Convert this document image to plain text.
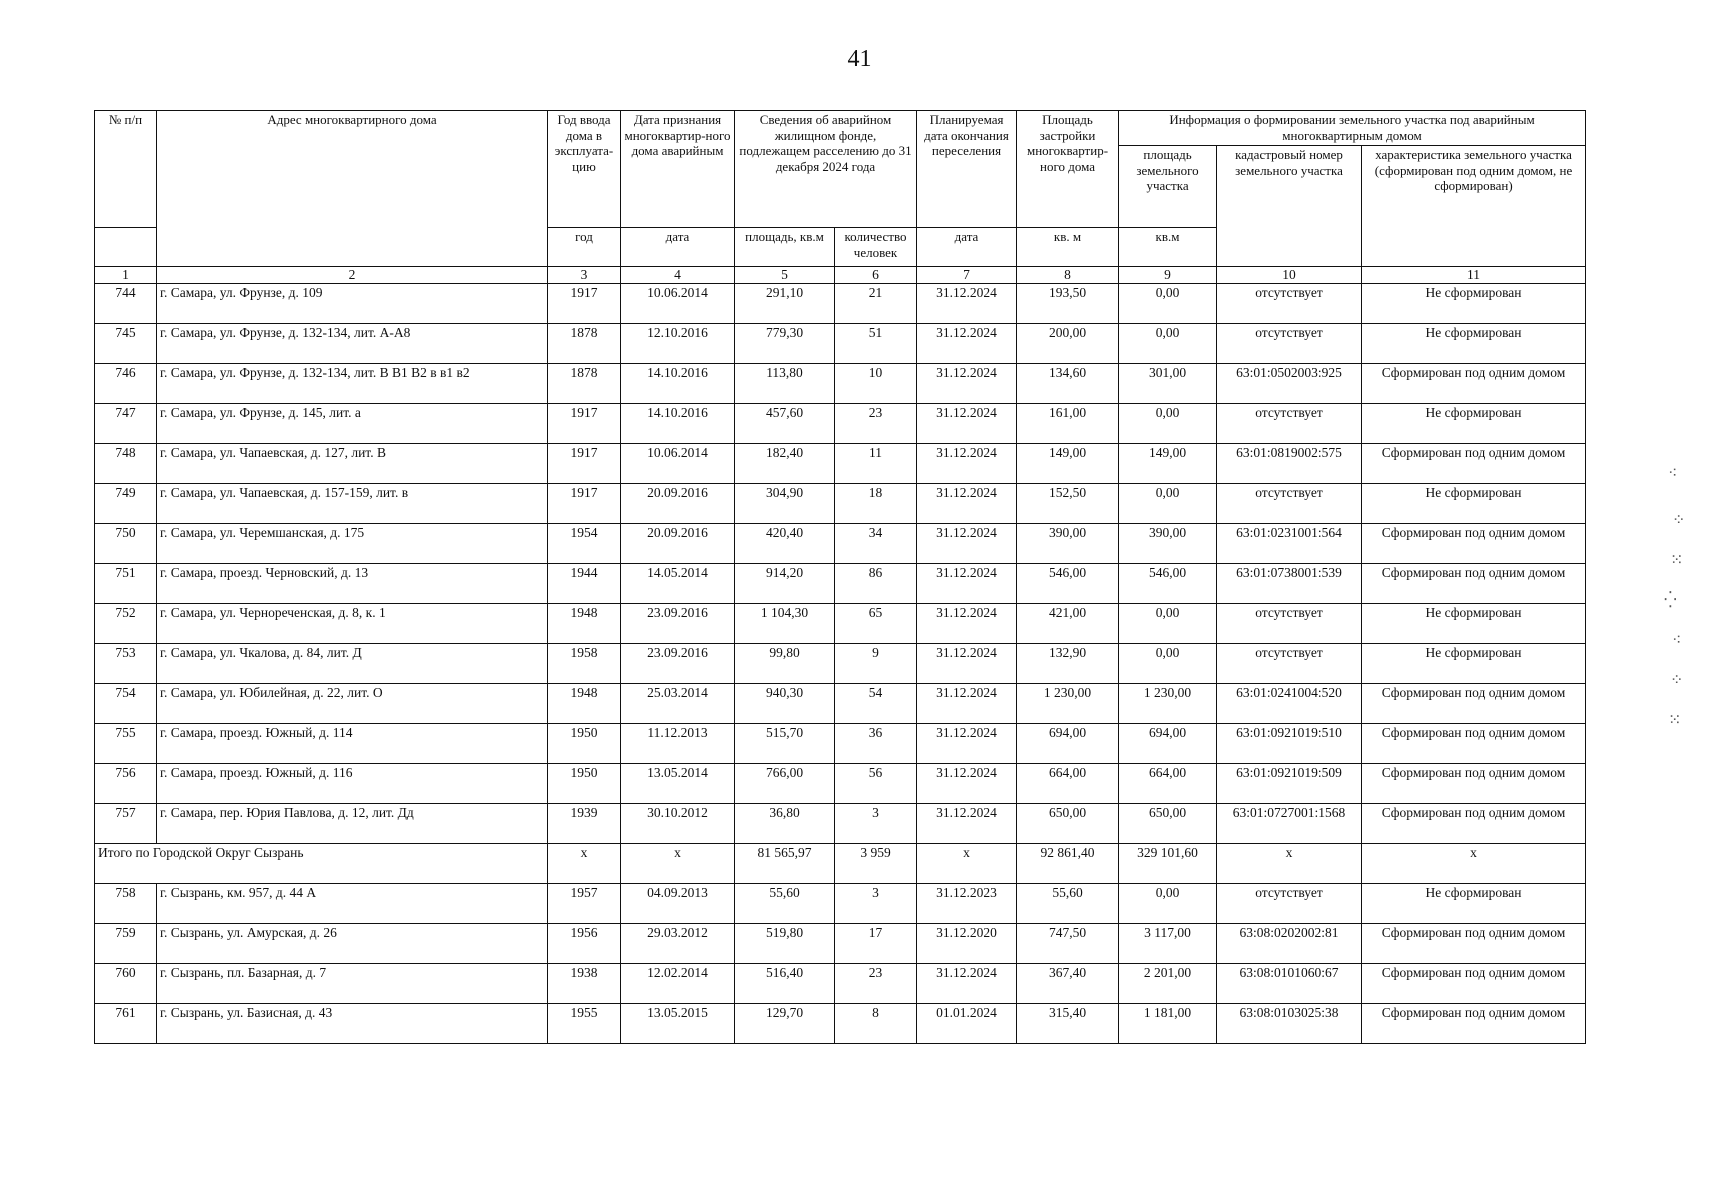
41
№ п/п	Адрес многоквартирного дома	Год ввода дома в эксплуата-цию	Дата признания многоквартир-ного дома аварийным	Сведения об аварийном жилищном фонде, подлежащем расселению до 31 декабря 2024 года		Планируемая дата окончания переселения	Площадь застройки многоквартир-ного дома	Информация о формировании земельного участка под аварийным многоквартирным домом		
								площадь земельного участка	кадастровый номер земельного участка	характеристика земельного участка (сформирован под одним домом, не сформирован)
		год	дата	площадь, кв.м	количество человек	дата	кв. м	кв.м		
1	2	3	4	5	6	7	8	9	10	11
744	г. Самара, ул. Фрунзе, д. 109	1917	10.06.2014	291,10	21	31.12.2024	193,50	0,00	отсутствует	Не сформирован
745	г. Самара, ул. Фрунзе, д. 132-134, лит. А-А8	1878	12.10.2016	779,30	51	31.12.2024	200,00	0,00	отсутствует	Не сформирован
746	г. Самара, ул. Фрунзе, д. 132-134, лит. В В1 В2 в в1 в2	1878	14.10.2016	113,80	10	31.12.2024	134,60	301,00	63:01:0502003:925	Сформирован под одним домом
747	г. Самара, ул. Фрунзе, д. 145, лит. а	1917	14.10.2016	457,60	23	31.12.2024	161,00	0,00	отсутствует	Не сформирован
748	г. Самара, ул. Чапаевская, д. 127, лит. В	1917	10.06.2014	182,40	11	31.12.2024	149,00	149,00	63:01:0819002:575	Сформирован под одним домом
749	г. Самара, ул. Чапаевская, д. 157-159, лит. в	1917	20.09.2016	304,90	18	31.12.2024	152,50	0,00	отсутствует	Не сформирован
750	г. Самара, ул. Черемшанская, д. 175	1954	20.09.2016	420,40	34	31.12.2024	390,00	390,00	63:01:0231001:564	Сформирован под одним домом
751	г. Самара, проезд. Черновский, д. 13	1944	14.05.2014	914,20	86	31.12.2024	546,00	546,00	63:01:0738001:539	Сформирован под одним домом
752	г. Самара, ул. Чернореченская, д. 8, к. 1	1948	23.09.2016	1 104,30	65	31.12.2024	421,00	0,00	отсутствует	Не сформирован
753	г. Самара, ул. Чкалова, д. 84, лит. Д	1958	23.09.2016	99,80	9	31.12.2024	132,90	0,00	отсутствует	Не сформирован
754	г. Самара, ул. Юбилейная, д. 22, лит. О	1948	25.03.2014	940,30	54	31.12.2024	1 230,00	1 230,00	63:01:0241004:520	Сформирован под одним домом
755	г. Самара, проезд. Южный, д. 114	1950	11.12.2013	515,70	36	31.12.2024	694,00	694,00	63:01:0921019:510	Сформирован под одним домом
756	г. Самара, проезд. Южный, д. 116	1950	13.05.2014	766,00	56	31.12.2024	664,00	664,00	63:01:0921019:509	Сформирован под одним домом
757	г. Самара, пер. Юрия Павлова, д. 12, лит. Дд	1939	30.10.2012	36,80	3	31.12.2024	650,00	650,00	63:01:0727001:1568	Сформирован под одним домом
Итого по Городской Округ Сызрань		x	x	81 565,97	3 959	x	92 861,40	329 101,60	x	x
758	г. Сызрань, км. 957, д. 44 А	1957	04.09.2013	55,60	3	31.12.2023	55,60	0,00	отсутствует	Не сформирован
759	г. Сызрань, ул. Амурская, д. 26	1956	29.03.2012	519,80	17	31.12.2020	747,50	3 117,00	63:08:0202002:81	Сформирован под одним домом
760	г. Сызрань, пл. Базарная, д. 7	1938	12.02.2014	516,40	23	31.12.2024	367,40	2 201,00	63:08:0101060:67	Сформирован под одним домом
761	г. Сызрань, ул. Базисная, д. 43	1955	13.05.2015	129,70	8	01.01.2024	315,40	1 181,00	63:08:0103025:38	Сформирован под одним домом
⁖
⁘
⁙
⁛
⁖
⁘
⁙
